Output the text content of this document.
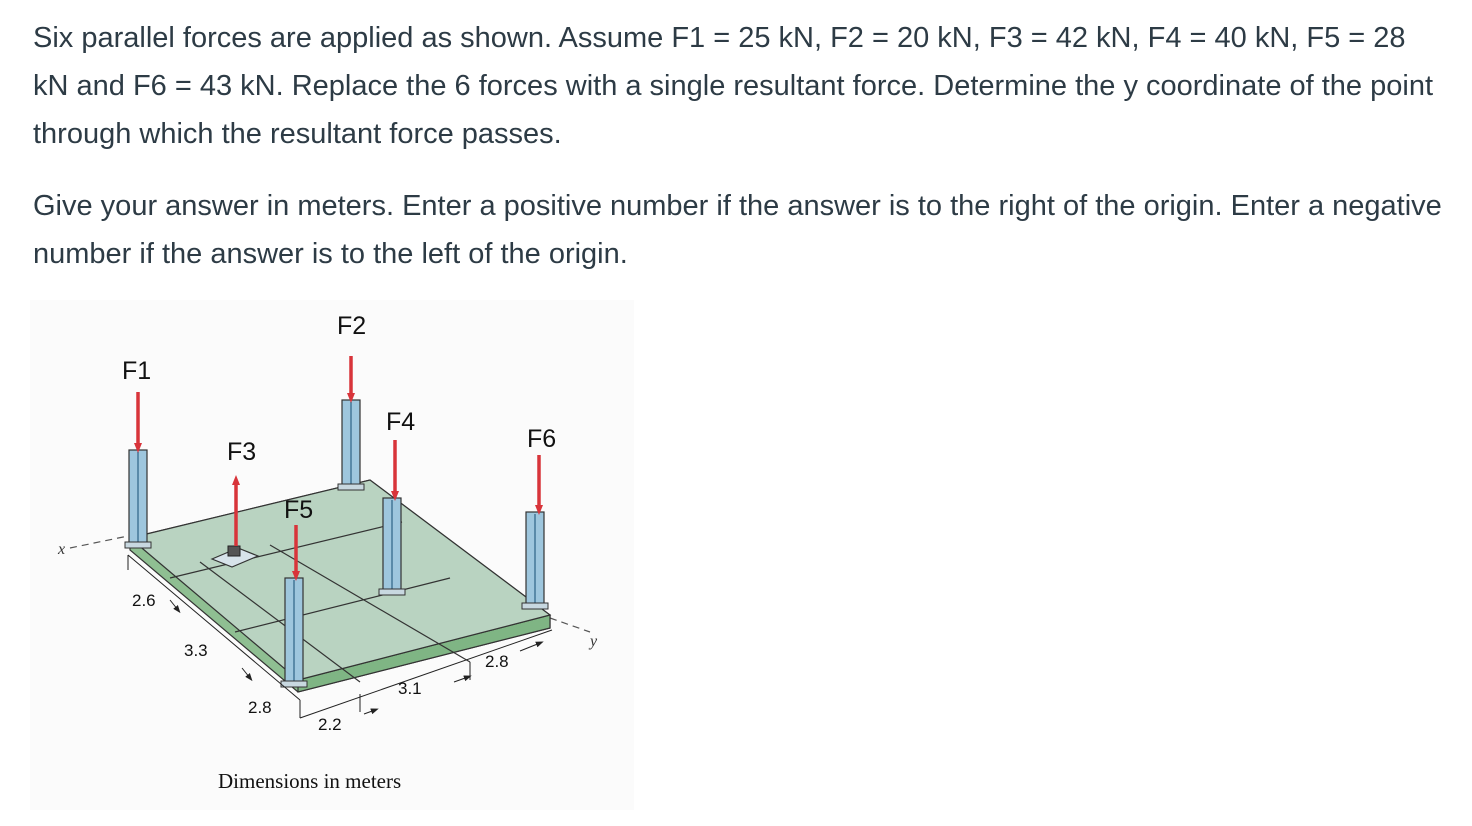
Six parallel forces are applied as shown. Assume F1 = 25 kN, F2 = 20 kN, F3 = 42 kN, F4 = 40 kN, F5 = 28 kN and F6 = 43 kN. Replace the 6 forces with a single resultant force. Determine the y coordinate of the point through which the resultant force passes.

Give your answer in meters. Enter a positive number if the answer is to the right of the origin. Enter a negative number if the answer is to the left of the origin.

x
y
F1
F2
F3
F4
F5
F6
2.6
3.3
2.8
2.2
3.1
2.8
Dimensions in meters
